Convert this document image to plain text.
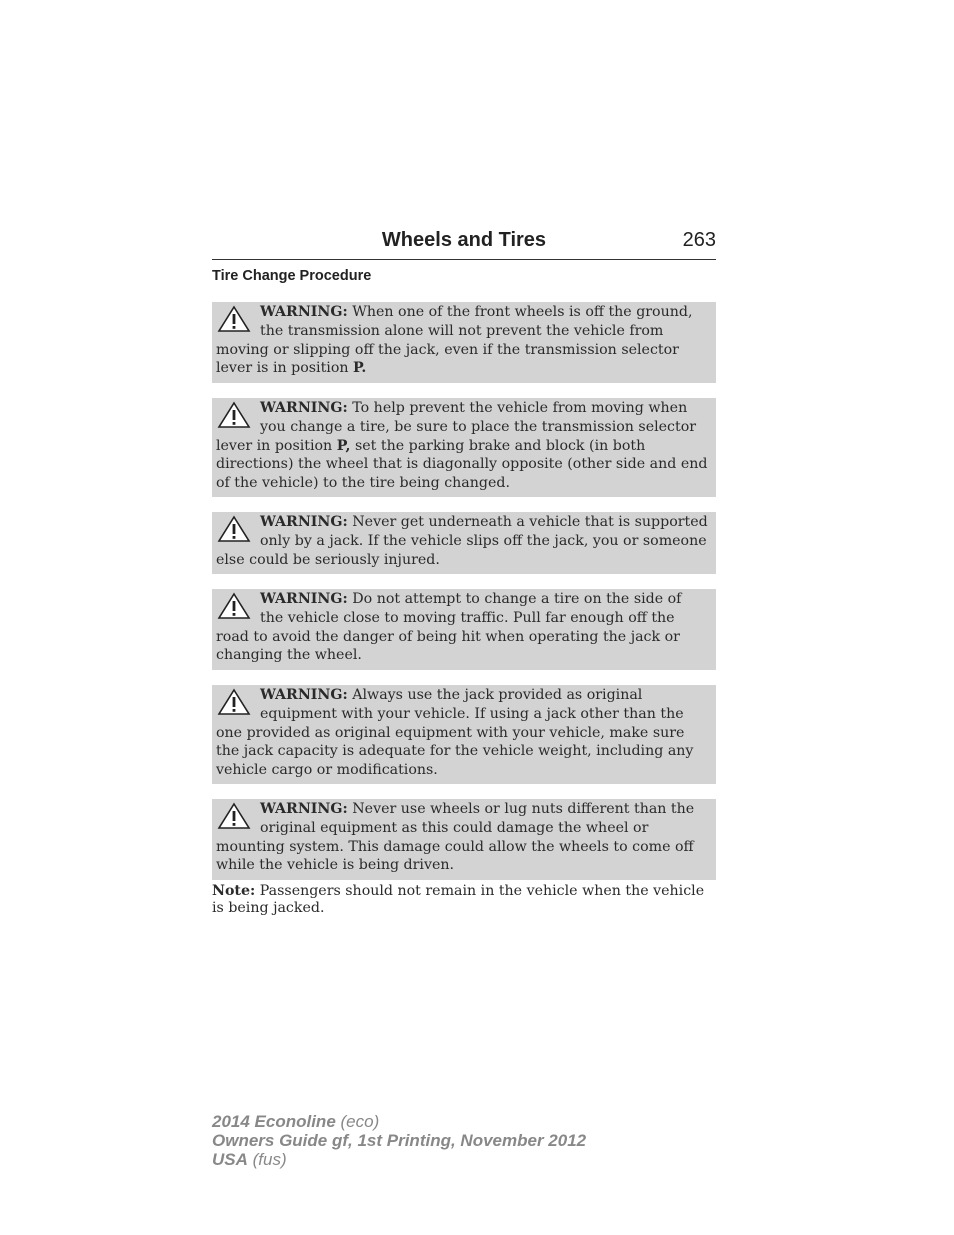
Wheels and Tires	263
Tire Change Procedure
WARNING: When one of the front wheels is off the ground, the transmission alone will not prevent the vehicle from moving or slipping off the jack, even if the transmission selector lever is in position P.
WARNING: To help prevent the vehicle from moving when you change a tire, be sure to place the transmission selector lever in position P, set the parking brake and block (in both directions) the wheel that is diagonally opposite (other side and end of the vehicle) to the tire being changed.
WARNING: Never get underneath a vehicle that is supported only by a jack. If the vehicle slips off the jack, you or someone else could be seriously injured.
WARNING: Do not attempt to change a tire on the side of the vehicle close to moving traffic. Pull far enough off the road to avoid the danger of being hit when operating the jack or changing the wheel.
WARNING: Always use the jack provided as original equipment with your vehicle. If using a jack other than the one provided as original equipment with your vehicle, make sure the jack capacity is adequate for the vehicle weight, including any vehicle cargo or modifications.
WARNING: Never use wheels or lug nuts different than the original equipment as this could damage the wheel or mounting system. This damage could allow the wheels to come off while the vehicle is being driven.
Note: Passengers should not remain in the vehicle when the vehicle is being jacked.
2014 Econoline (eco)
Owners Guide gf, 1st Printing, November 2012
USA (fus)
